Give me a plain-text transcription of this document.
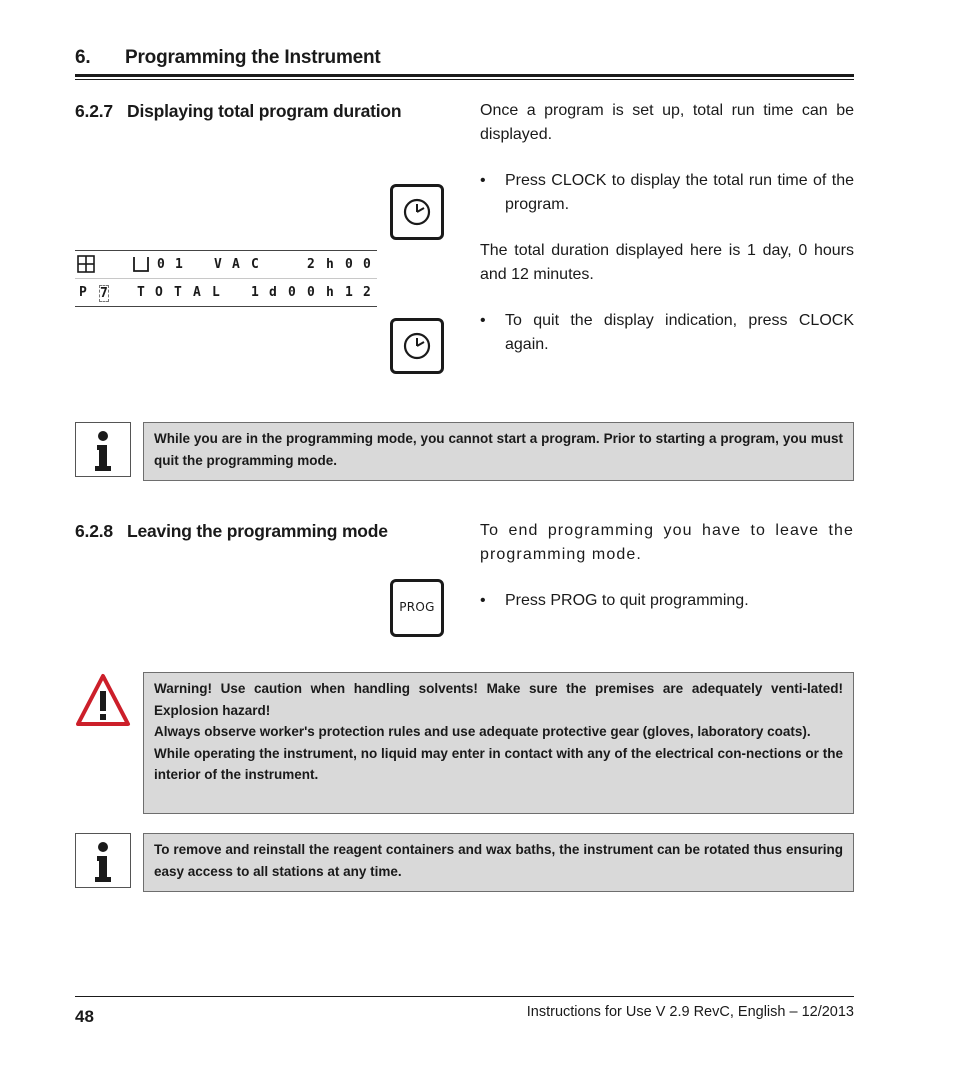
6. Programming the Instrument
6.2.7 Displaying total program duration	Once a program is set up, total run time can be displayed.
• Press CLOCK to display the total run time of the program.
The total duration displayed here is 1 day, 0 hours and 12 minutes.
• To quit the display indication, press CLOCK again.
0 1 V A C	2 h 0 0
P 7 T O T A L 1 d 0 0 h 1 2
While you are in the programming mode, you cannot start a program. Prior to starting a program, you must quit the programming mode.
6.2.8 Leaving the programming mode	To end programming you have to leave the programming mode.
PROG	• Press PROG to quit programming.
Warning! Use caution when handling solvents! Make sure the premises are adequately venti-lated! Explosion hazard!
Always observe worker's protection rules and use adequate protective gear (gloves, laboratory coats).
While operating the instrument, no liquid may enter in contact with any of the electrical con-nections or the interior of the instrument.
To remove and reinstall the reagent containers and wax baths, the instrument can be rotated thus ensuring easy access to all stations at any time.
48	Instructions for Use V 2.9 RevC, English – 12/2013
